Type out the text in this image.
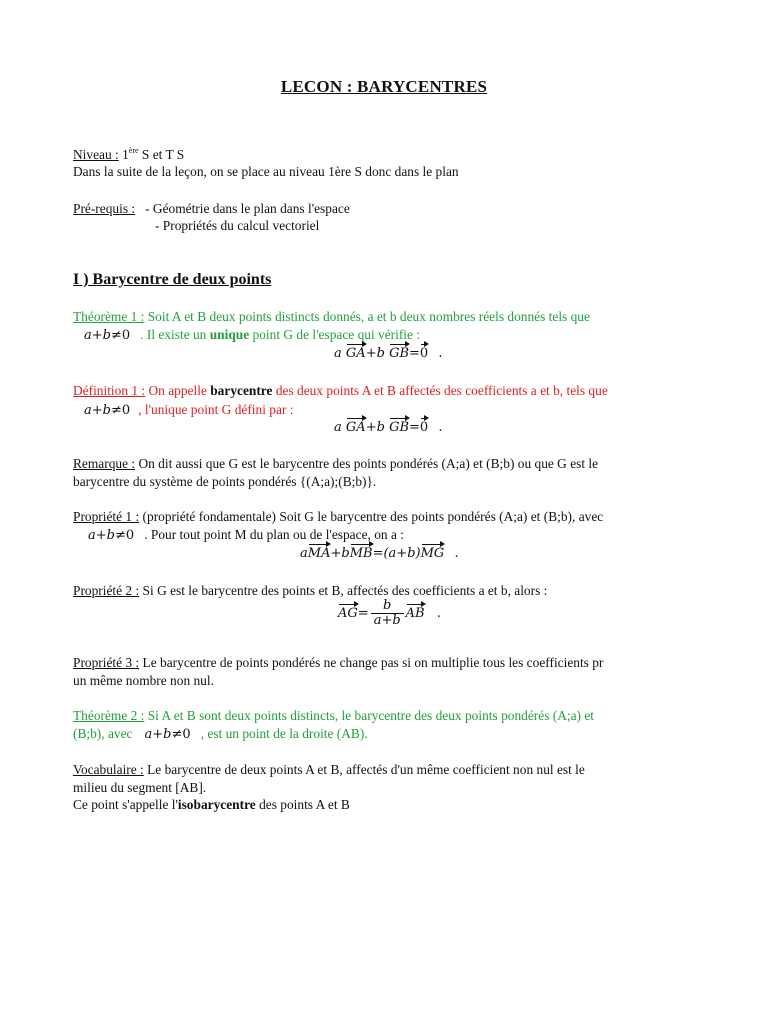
LECON : BARYCENTRES
Niveau : 1ère S et T S
Dans la suite de la leçon, on se place au niveau 1ère S donc dans le plan
Pré-requis : - Géométrie dans le plan dans l'espace
- Propriétés du calcul vectoriel
I ) Barycentre de deux points
Théorème 1 : Soit A et B deux points distincts donnés, a et b deux nombres réels donnés tels que
a+b≠0 . Il existe un unique point G de l'espace qui vérifie :
a GA+b GB=0 .
Définition 1 : On appelle barycentre des deux points A et B affectés des coefficients a et b, tels que
a+b≠0 , l'unique point G défini par :
a GA+b GB=0 .
Remarque : On dit aussi que G est le barycentre des points pondérés (A;a) et (B;b) ou que G est le
barycentre du système de points pondérés {(A;a);(B;b)}.
Propriété 1 : (propriété fondamentale) Soit G le barycentre des points pondérés (A;a) et (B;b), avec
a+b≠0 . Pour tout point M du plan ou de l'espace, on a :
aMA+bMB=(a+b)MG .
Propriété 2 : Si G est le barycentre des points et B, affectés des coefficients a et b, alors :
$AG= \frac{b}{a+b}$ AB .
Propriété 3 : Le barycentre de points pondérés ne change pas si on multiplie tous les coefficients pr
un même nombre non nul.
Théorème 2 : Si A et B sont deux points distincts, le barycentre des deux points pondérés (A;a) et
(B;b), avec a+b≠0 , est un point de la droite (AB).
Vocabulaire : Le barycentre de deux points A et B, affectés d'un même coefficient non nul est le
milieu du segment [AB].
Ce point s'appelle l'isobarycentre des points A et B
